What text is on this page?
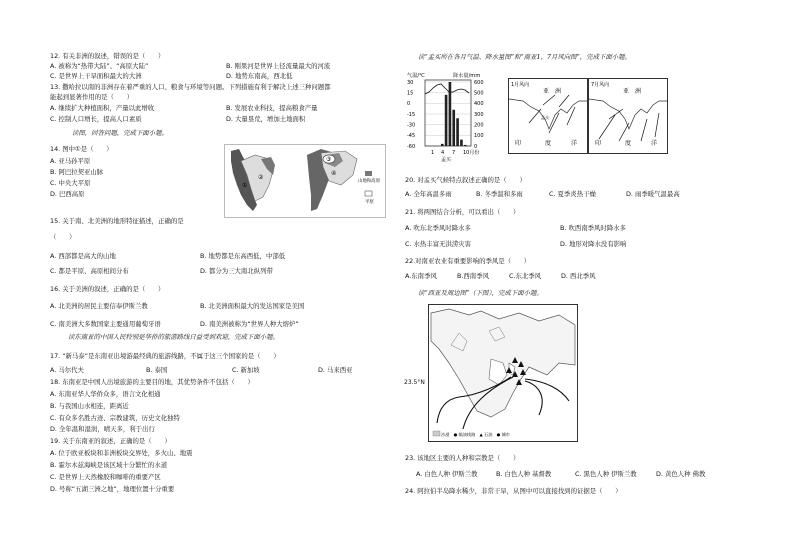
12. 有关非洲的叙述，错误的是（　　）
A. 被称为“热带大陆”、“高原大陆”	B. 刚果河是世界上径流量最大的河流
C. 是世界上干旱面积最大的大洲	D. 地势东南高，西北低
13. 撒哈拉以南的非洲存在着严重的人口、粮食与环境等问题。下列措施有利于解决上述三种问题都
能起到显著作用的是（　　）
A. 继续扩大种植面积，产量以此增收	B. 发展农业科技，提高粮食产量
C. 控制人口增长，提高人口素质	D. 大量垦荒，增加土地面积
读图，回答问题，完成下面小题。
14. 图中①是（　　）
A. 亚马孙平原
B. 阿巴拉契亚山脉
C. 中央大平原
D. 巴西高原
①
②
③
④
山地和高原
平原
15. 关于南、北美洲的地形特征描述，正确的是
（　　）
A. 西部都是高大的山地	B. 地势都是东高西低，中部低
C. 都是平原、高原相间分布	D. 都分为三大南北纵列带
16. 关于美洲的叙述，正确的是（　　）
A. 北美洲的居民主要信奉伊斯兰教	B. 北美洲面积最大的发达国家是美国
C. 南美洲大多数国家主要通用葡萄牙语	D. 南美洲被称为“世界人种大熔炉”
读东南亚的中国人民特别是华侨的旅游路线日益受到欢迎，完成下面小题。
17. “新马泰”是东南亚出境游最经典的旅游线路，不属于这三个国家的是（　　）
A. 马尔代夫	B. 泰国	C. 新加坡	D. 马来西亚
18. 东南亚是中国人出境旅游的主要目的地，其优势条件不包括（　　）
A. 东南亚华人华侨众多，语言文化相通
B. 与我国山水相连，距离近
C. 有众多名胜古迹、宗教建筑，历史文化独特
D. 全年温和湿润，晴天多，利于出行
19. 关于东南亚的叙述，正确的是（　　）
A. 位于欧亚板块和非洲板块交界处，多火山、地震
B. 霍尔木兹海峡是该区域十分繁忙的水道
C. 是世界上天然橡胶和咖啡的重要产区
D. 号称“五湖三洲之地”，地理位置十分重要
读“孟买所在各月气温、降水量图”和“南亚1、7月风向图”，完成下面小题。
气温/℃	降水量/mm
30	600
15	500
0	400
-15	300
-30	200
-45	100
-60	0
1 4 7 10月份
孟买
1月风向
亚　洲
孟买
印	度	洋
7月风向
亚　洲
印	度	洋
20. 对孟买气候特点叙述正确的是（　　）
A. 全年高温多雨	B. 冬季温和多雨	C. 夏季炎热干燥	D. 雨季暖气温最高
21. 将两图结合分析，可以看出（　　）
A. 吹东北季风时降水多	B. 吹西南季风时降水多
C. 水热丰富无洪涝灾害	D. 地形对降水没有影响
22.对南亚农业有重要影响的季风是（　　）
A.东南季风	B.西南季风	C.东北季风	D. 西北季风
读“西亚及周边图”（下图），完成下面小题。
沙漠　● 输油线路　▲ 石油　● 城市
23.5°N
23. 该地区主要的人种和宗教是（　　）
A. 白色人种 伊斯兰教	B. 白色人种 基督教	C. 黑色人种 伊斯兰教	D. 黄色人种 佛教
24. 阿拉伯半岛降水稀少，非常干旱，从图中可以直接找到的证据是（　　）
